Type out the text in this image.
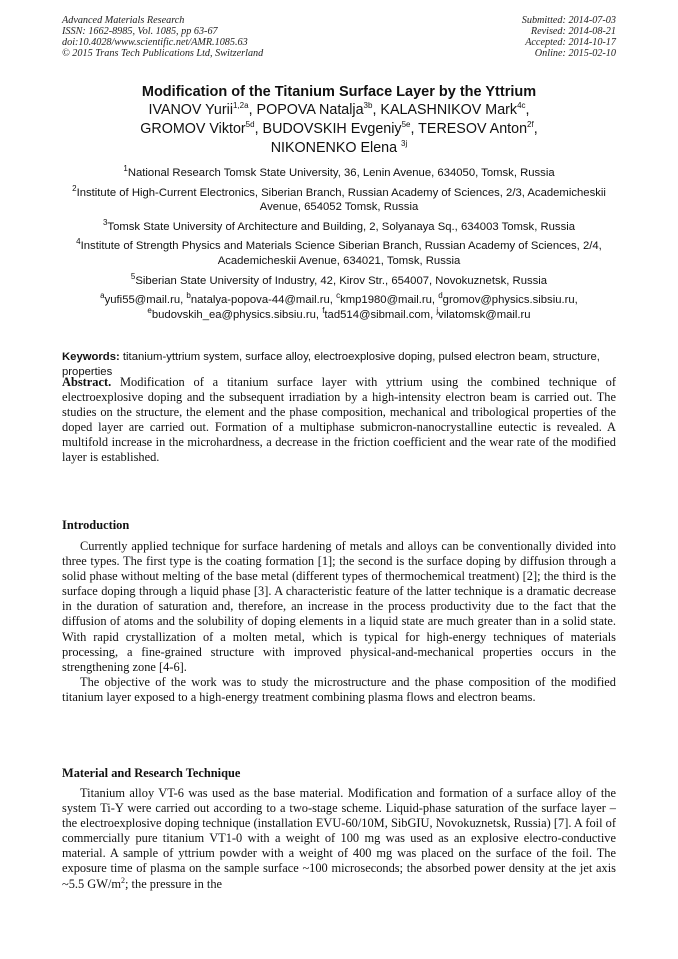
Advanced Materials Research
ISSN: 1662-8985, Vol. 1085, pp 63-67
doi:10.4028/www.scientific.net/AMR.1085.63
© 2015 Trans Tech Publications Ltd, Switzerland
Submitted: 2014-07-03
Revised: 2014-08-21
Accepted: 2014-10-17
Online: 2015-02-10
Modification of the Titanium Surface Layer by the Yttrium
IVANOV Yurii$^{1,2a}$, POPOVA Natalja$^{3b}$, KALASHNIKOV Mark$^{4c}$,
GROMOV Viktor$^{5d}$, BUDOVSKIH Evgeniy$^{5e}$, TERESOV Anton$^{2f}$,
NIKONENKO Elena $^{3j}$
$^1$National Research Tomsk State University, 36, Lenin Avenue, 634050, Tomsk, Russia
$^2$Institute of High-Current Electronics, Siberian Branch, Russian Academy of Sciences, 2/3, Academicheskii Avenue, 654052 Tomsk, Russia
$^3$Tomsk State University of Architecture and Building, 2, Solyanaya Sq., 634003 Tomsk, Russia
$^4$Institute of Strength Physics and Materials Science Siberian Branch, Russian Academy of Sciences, 2/4, Academicheskii Avenue, 634021, Tomsk, Russia
$^5$Siberian State University of Industry, 42, Kirov Str., 654007, Novokuznetsk, Russia
$^a$yufi55@mail.ru, $^b$natalya-popova-44@mail.ru, $^c$kmp1980@mail.ru, $^d$gromov@physics.sibsiu.ru,
$^e$budovskih_ea@physics.sibsiu.ru, $^f$tad514@sibmail.com, $^j$vilatomsk@mail.ru
Keywords: titanium-yttrium system, surface alloy, electroexplosive doping, pulsed electron beam, structure, properties
Abstract. Modification of a titanium surface layer with yttrium using the combined technique of electroexplosive doping and the subsequent irradiation by a high-intensity electron beam is carried out. The studies on the structure, the element and the phase composition, mechanical and tribological properties of the doped layer are carried out. Formation of a multiphase submicron-nanocrystalline eutectic is revealed. A multifold increase in the microhardness, a decrease in the friction coefficient and the wear rate of the modified layer is established.
Introduction

Currently applied technique for surface hardening of metals and alloys can be conventionally divided into three types. The first type is the coating formation [1]; the second is the surface doping by diffusion through a solid phase without melting of the base metal (different types of thermochemical treatment) [2]; the third is the surface doping through a liquid phase [3]. A characteristic feature of the latter technique is a dramatic decrease in the duration of saturation and, therefore, an increase in the process productivity due to the fact that the diffusion of atoms and the solubility of doping elements in a liquid state are much greater than in a solid state. With rapid crystallization of a molten metal, which is typical for high-energy techniques of materials processing, a fine-grained structure with improved physical-and-mechanical properties occurs in the strengthening zone [4-6].

The objective of the work was to study the microstructure and the phase composition of the modified titanium layer exposed to a high-energy treatment combining plasma flows and electron beams.

Material and Research Technique

Titanium alloy VT-6 was used as the base material. Modification and formation of a surface alloy of the system Ti-Y were carried out according to a two-stage scheme. Liquid-phase saturation of the surface layer – the electroexplosive doping technique (installation EVU-60/10M, SibGIU, Novokuznetsk, Russia) [7]. A foil of commercially pure titanium VT1-0 with a weight of 100 mg was used as an explosive electro-conductive material. A sample of yttrium powder with a weight of 400 mg was placed on the surface of the foil. The exposure time of plasma on the sample surface ~100 microseconds; the absorbed power density at the jet axis ~5.5 $GW/m^2$; the pressure in the
